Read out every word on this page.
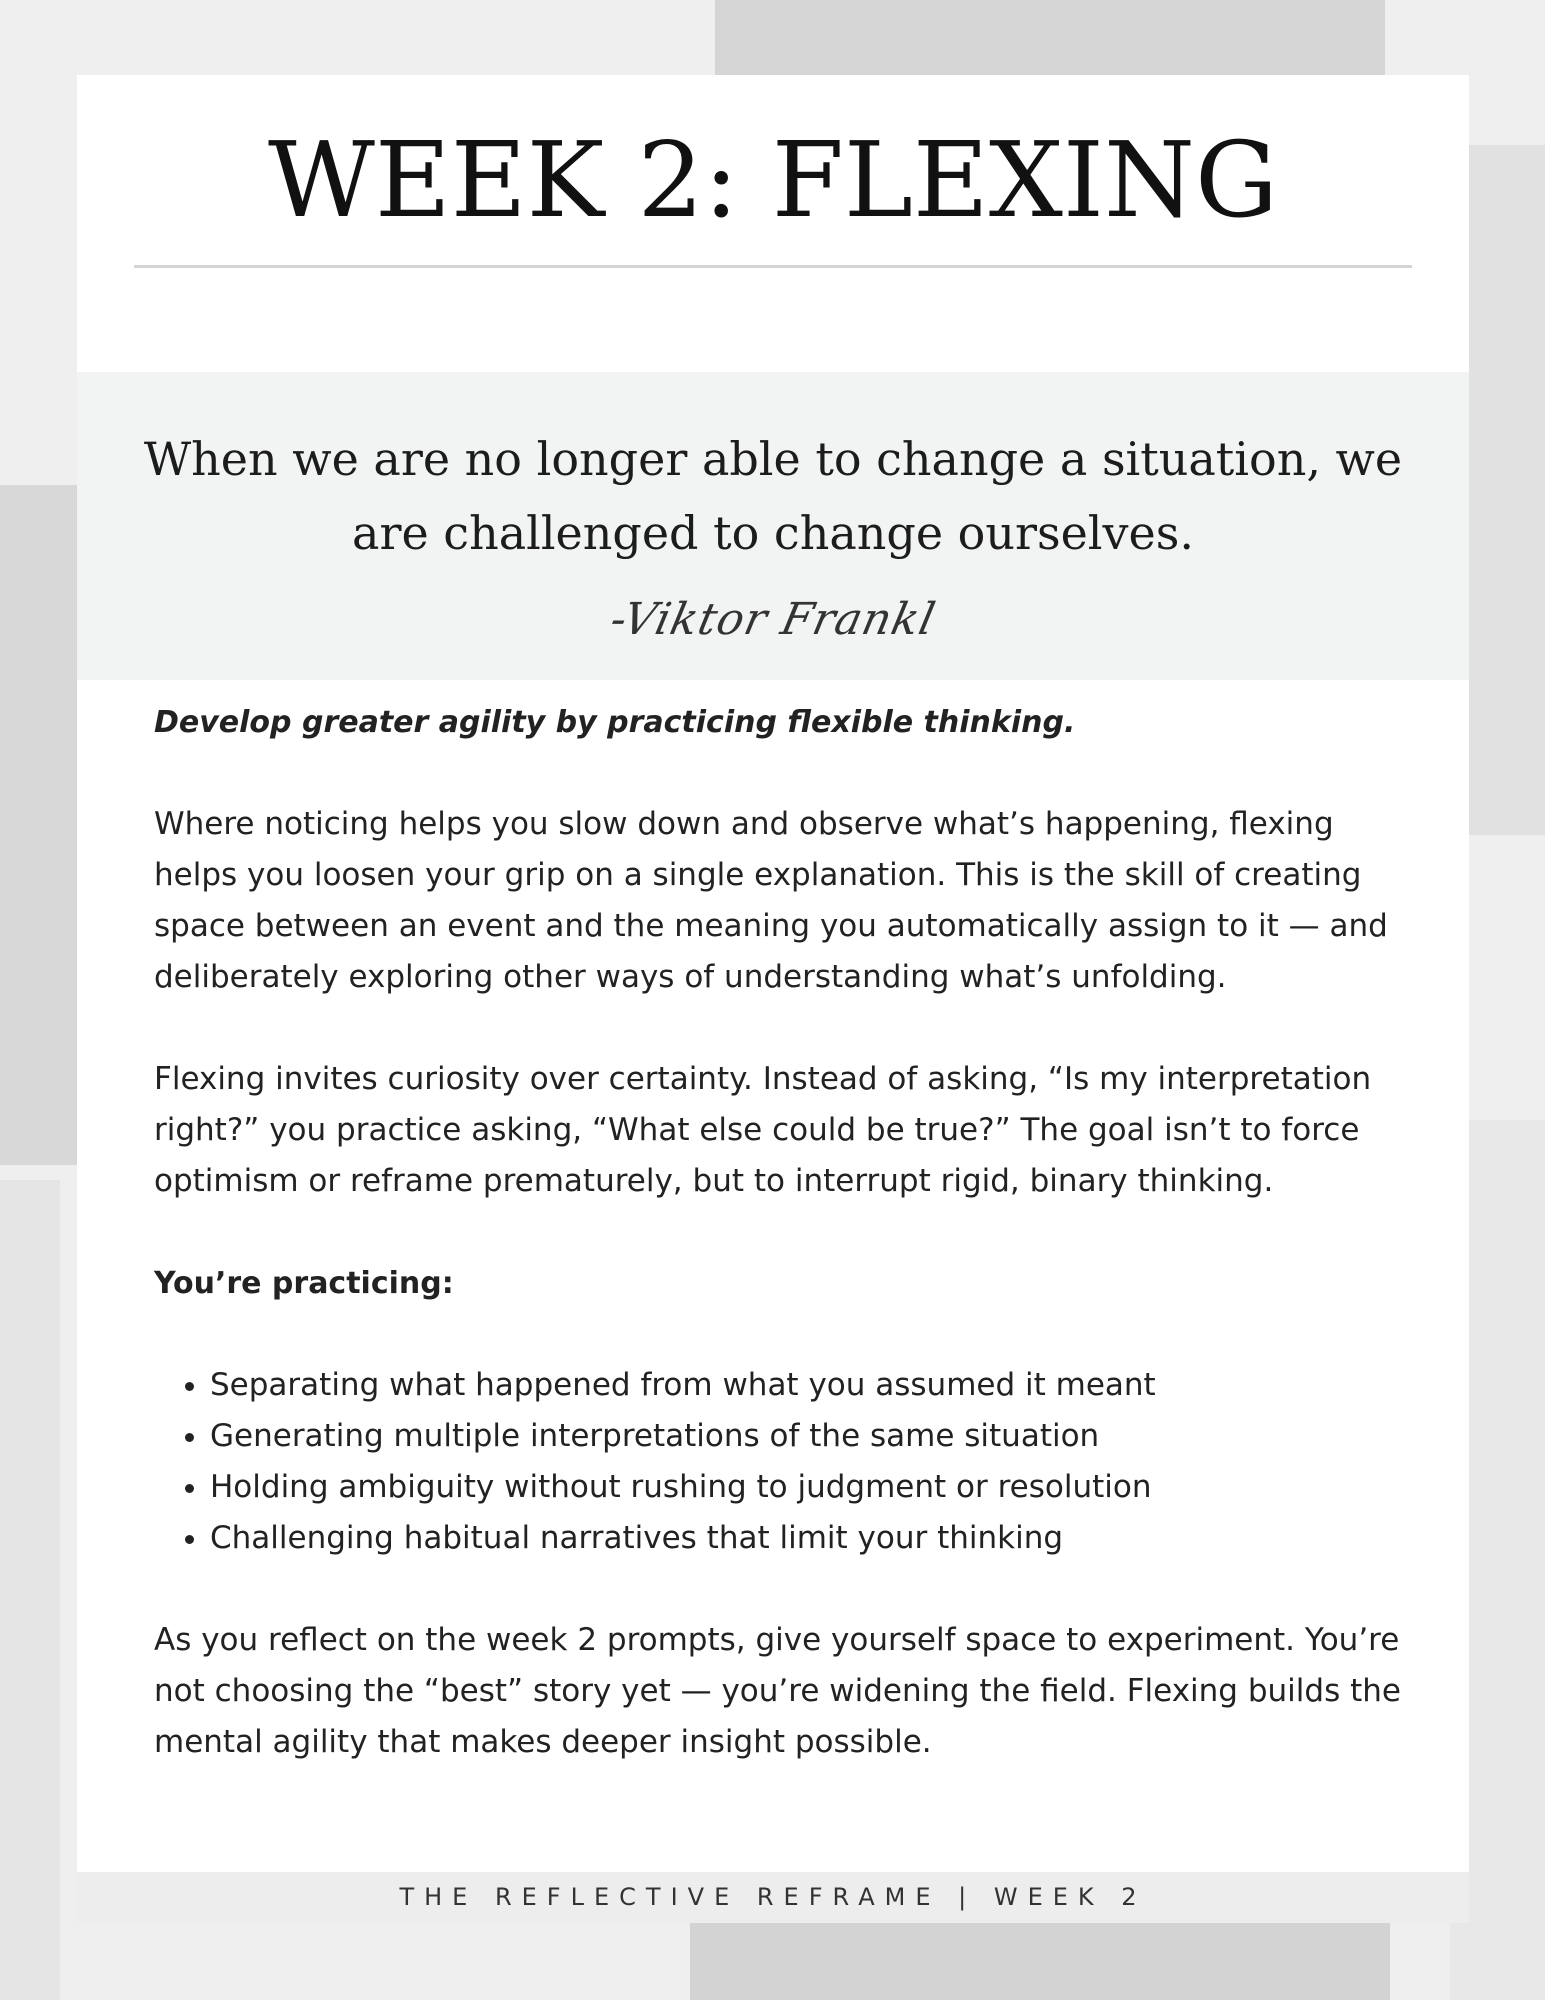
WEEK 2: FLEXING
When we are no longer able to change a situation, we are challenged to change ourselves.
-Viktor Frankl

Develop greater agility by practicing flexible thinking.

Where noticing helps you slow down and observe what’s happening, flexing helps you loosen your grip on a single explanation. This is the skill of creating space between an event and the meaning you automatically assign to it — and deliberately exploring other ways of understanding what’s unfolding.

Flexing invites curiosity over certainty. Instead of asking, “Is my interpretation right?” you practice asking, “What else could be true?” The goal isn’t to force optimism or reframe prematurely, but to interrupt rigid, binary thinking.

You’re practicing:

• Separating what happened from what you assumed it meant
• Generating multiple interpretations of the same situation
• Holding ambiguity without rushing to judgment or resolution
• Challenging habitual narratives that limit your thinking

As you reflect on the week 2 prompts, give yourself space to experiment. You’re not choosing the “best” story yet — you’re widening the field. Flexing builds the mental agility that makes deeper insight possible.

THE REFLECTIVE REFRAME | WEEK 2
